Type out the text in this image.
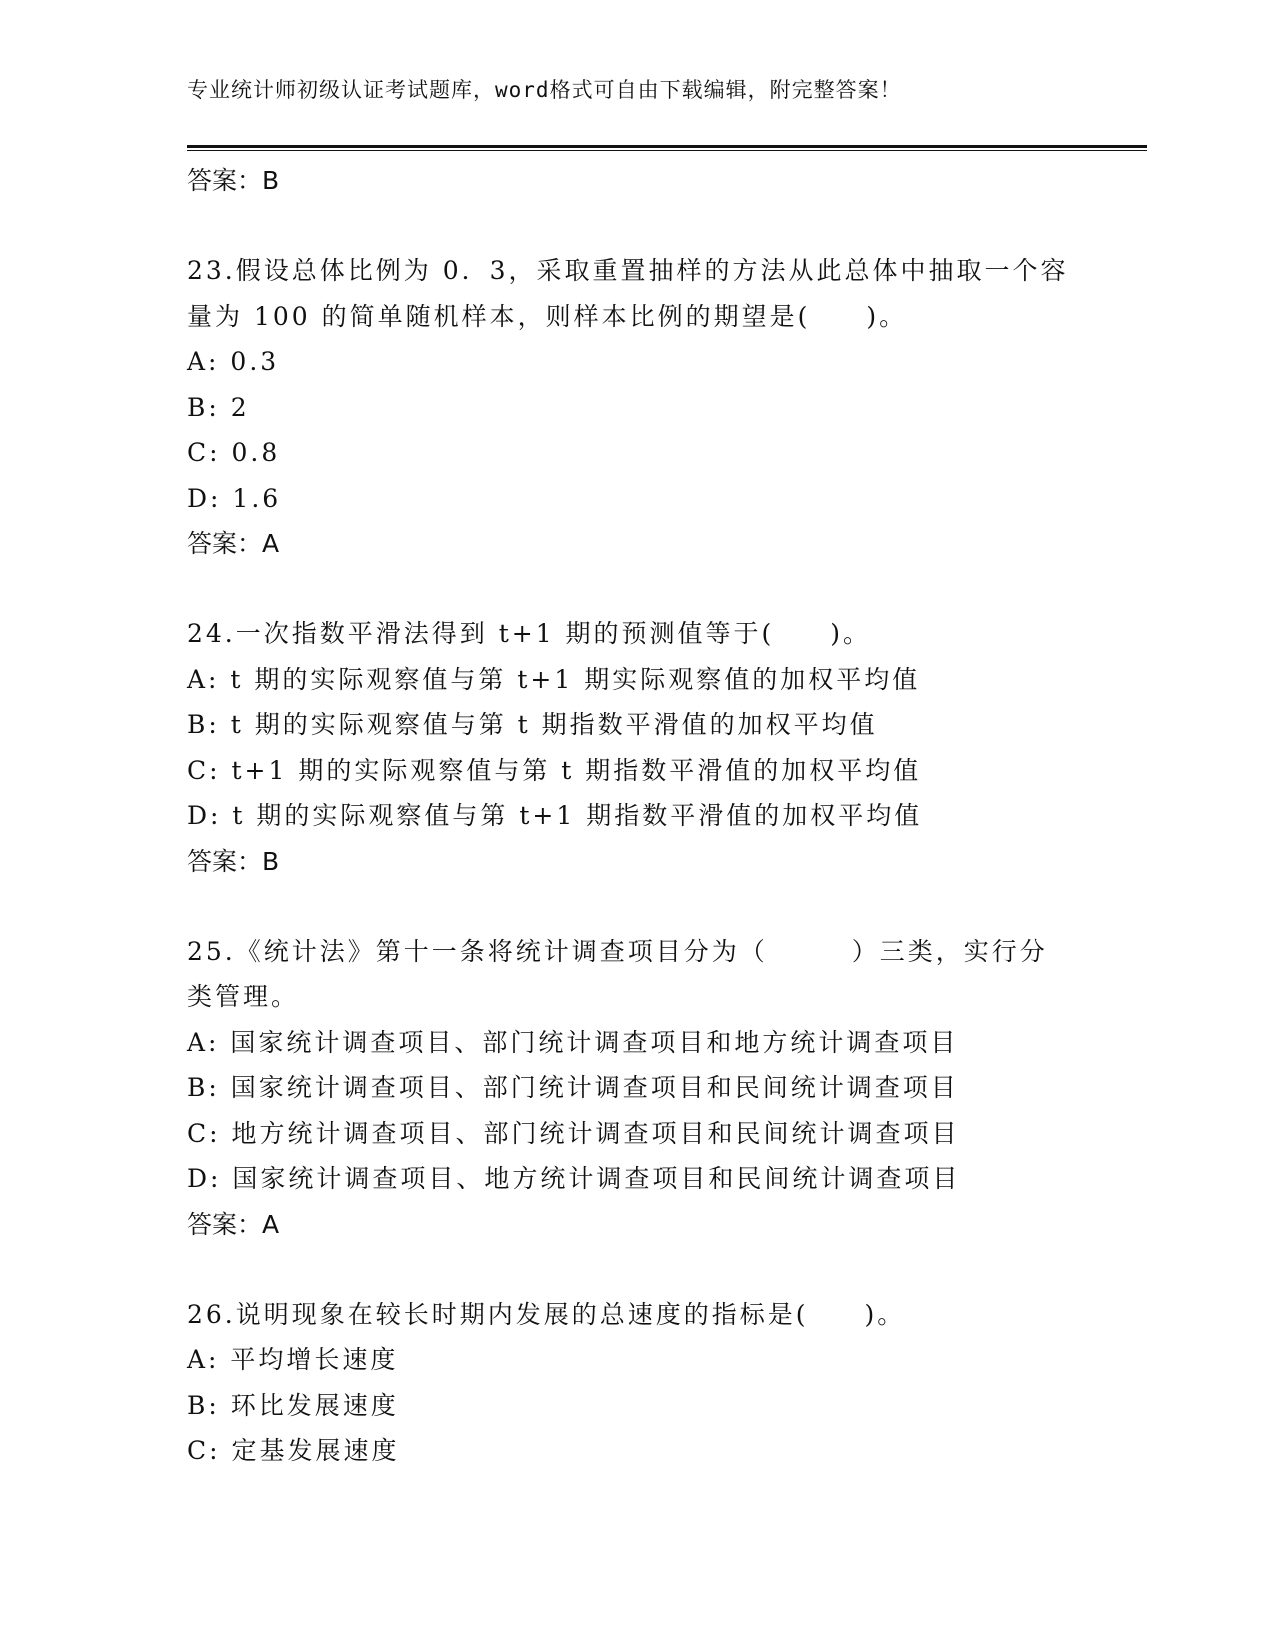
专业统计师初级认证考试题库，word格式可自由下载编辑，附完整答案！
答案：B
23.假设总体比例为 0．3，采取重置抽样的方法从此总体中抽取一个容
量为 100 的简单随机样本，则样本比例的期望是(　　)。
A: 0.3
B: 2
C: 0.8
D: 1.6
答案：A
24.一次指数平滑法得到 t+1 期的预测值等于(　　)。
A: t 期的实际观察值与第 t+1 期实际观察值的加权平均值
B: t 期的实际观察值与第 t 期指数平滑值的加权平均值
C: t+1 期的实际观察值与第 t 期指数平滑值的加权平均值
D: t 期的实际观察值与第 t+1 期指数平滑值的加权平均值
答案：B
25.《统计法》第十一条将统计调查项目分为（　　　）三类，实行分
类管理。
A: 国家统计调查项目、部门统计调查项目和地方统计调查项目
B: 国家统计调查项目、部门统计调查项目和民间统计调查项目
C: 地方统计调查项目、部门统计调查项目和民间统计调查项目
D: 国家统计调查项目、地方统计调查项目和民间统计调查项目
答案：A
26.说明现象在较长时期内发展的总速度的指标是(　　)。
A: 平均增长速度
B: 环比发展速度
C: 定基发展速度
